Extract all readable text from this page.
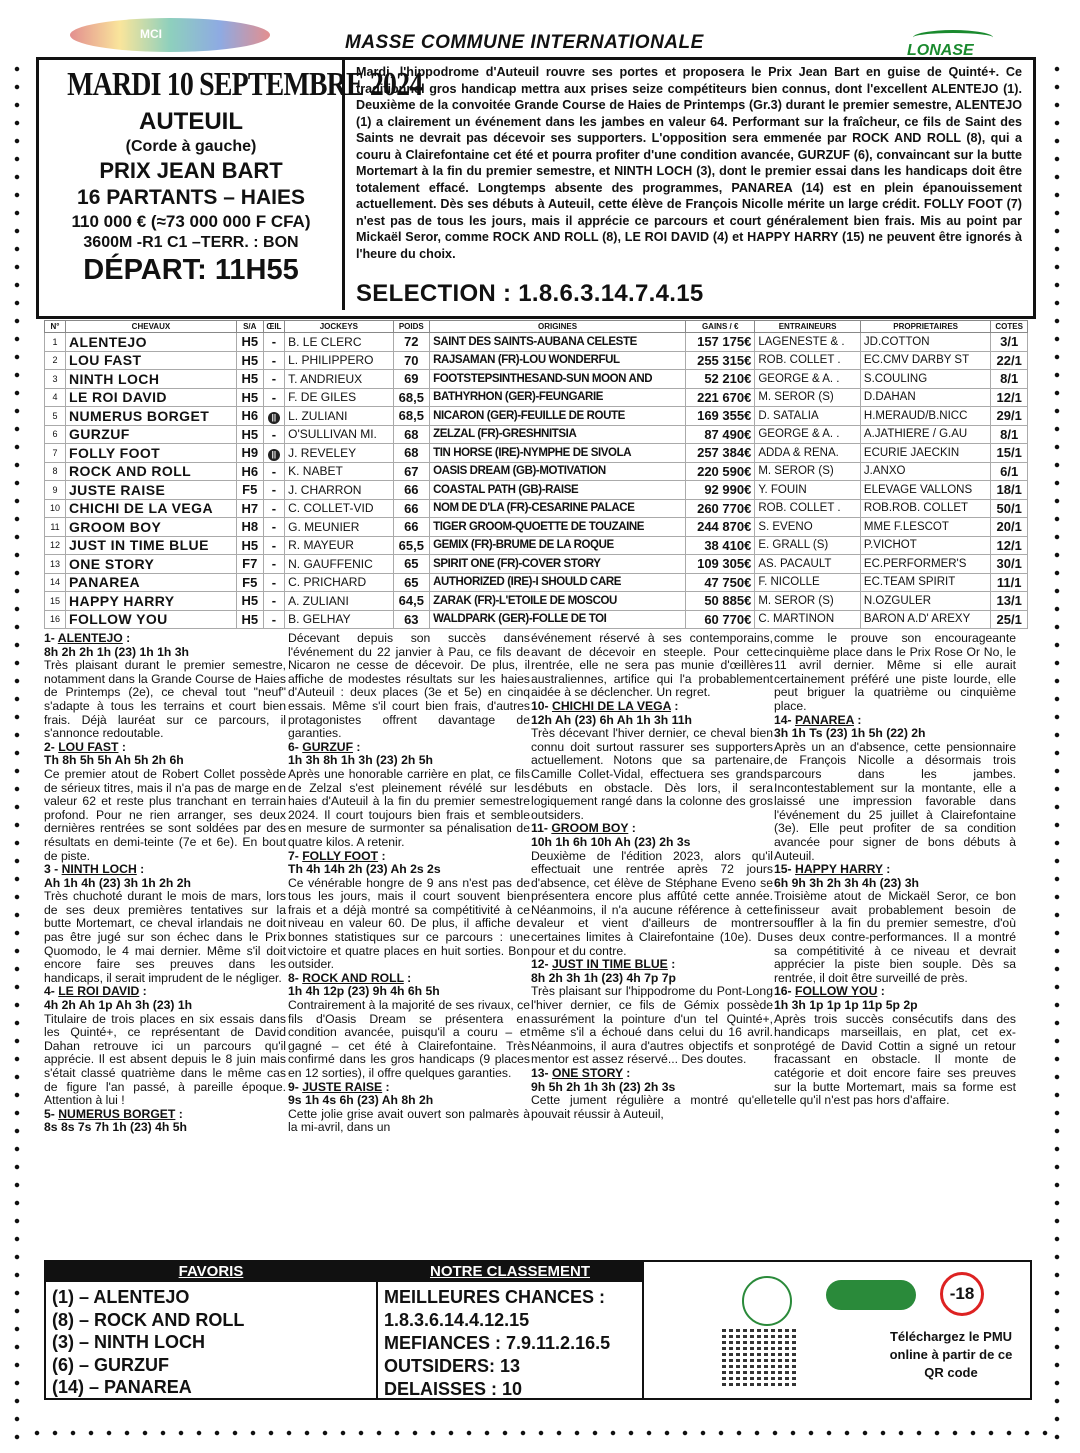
MCI	MASSE COMMUNE INTERNATIONALE	LONASE
MARDI 10 SEPTEMBRE 2024
AUTEUIL
(Corde à gauche)
PRIX JEAN BART
16 PARTANTS – HAIES
110 000 € (≈73 000 000 F CFA)
3600M -R1 C1 –TERR. : BON
DÉPART: 11H55
Mardi, l'hippodrome d'Auteuil rouvre ses portes et proposera le Prix Jean Bart en guise de Quinté+. Ce traditionnel gros handicap mettra aux prises seize compétiteurs bien connus, dont l'excellent ALENTEJO (1). Deuxième de la convoitée Grande Course de Haies de Printemps (Gr.3) durant le premier semestre, ALENTEJO (1) a clairement un événement dans les jambes en valeur 64. Performant sur la fraîcheur, ce fils de Saint des Saints ne devrait pas décevoir ses supporters. L'opposition sera emmenée par ROCK AND ROLL (8), qui a couru à Clairefontaine cet été et pourra profiter d'une condition avancée, GURZUF (6), convaincant sur la butte Mortemart à la fin du premier semestre, et NINTH LOCH (3), dont le premier essai dans les handicaps doit être totalement effacé. Longtemps absente des programmes, PANAREA (14) est en plein épanouissement actuellement. Dès ses débuts à Auteuil, cette élève de François Nicolle mérite un large crédit. FOLLY FOOT (7) n'est pas de tous les jours, mais il apprécie ce parcours et court généralement bien frais. Mis au point par Mickaël Seror, comme ROCK AND ROLL (8), LE ROI DAVID (4) et HAPPY HARRY (15) ne peuvent être ignorés à l'heure du choix.
SELECTION : 1.8.6.3.14.7.4.15
N°	CHEVAUX	S/A	ŒIL	JOCKEYS	POIDS	ORIGINES	GAINS / €	ENTRAINEURS	PROPRIETAIRES	COTES
1	ALENTEJO	H5	-	B. LE CLERC	72	SAINT DES SAINTS-AUBANA CELESTE	157 175€	LAGENESTE & .	JD.COTTON	3/1
2	LOU FAST	H5	-	L. PHILIPPERO	70	RAJSAMAN (FR)-LOU WONDERFUL	255 315€	ROB. COLLET .	EC.CMV DARBY ST	22/1
3	NINTH LOCH	H5	-	T. ANDRIEUX	69	FOOTSTEPSINTHESAND-SUN MOON AND	52 210€	GEORGE & A. .	S.COULING	8/1
4	LE ROI DAVID	H5	-	F. DE GILES	68,5	BATHYRHON (GER)-FEUNGARIE	221 670€	M. SEROR (S)	D.DAHAN	12/1
5	NUMERUS BORGET	H6	||	L. ZULIANI	68,5	NICARON (GER)-FEUILLE DE ROUTE	169 355€	D. SATALIA	H.MERAUD/B.NICC	29/1
6	GURZUF	H5	-	O'SULLIVAN MI.	68	ZELZAL (FR)-GRESHNITSIA	87 490€	GEORGE & A. .	A.JATHIERE / G.AU	8/1
7	FOLLY FOOT	H9	||	J. REVELEY	68	TIN HORSE (IRE)-NYMPHE DE SIVOLA	257 384€	ADDA & RENA.	ECURIE JAECKIN	15/1
8	ROCK AND ROLL	H6	-	K. NABET	67	OASIS DREAM (GB)-MOTIVATION	220 590€	M. SEROR (S)	J.ANXO	6/1
9	JUSTE RAISE	F5	-	J. CHARRON	66	COASTAL PATH (GB)-RAISE	92 990€	Y. FOUIN	ELEVAGE VALLONS	18/1
10	CHICHI DE LA VEGA	H7	-	C. COLLET-VID	66	NOM DE D'LA (FR)-CESARINE PALACE	260 770€	ROB. COLLET .	ROB.ROB. COLLET	50/1
11	GROOM BOY	H8	-	G. MEUNIER	66	TIGER GROOM-QUOETTE DE TOUZAINE	244 870€	S. EVENO	MME F.LESCOT	20/1
12	JUST IN TIME BLUE	H5	-	R. MAYEUR	65,5	GEMIX (FR)-BRUME DE LA ROQUE	38 410€	E. GRALL (S)	P.VICHOT	12/1
13	ONE STORY	F7	-	N. GAUFFENIC	65	SPIRIT ONE (FR)-COVER STORY	109 305€	AS. PACAULT	EC.PERFORMER'S	30/1
14	PANAREA	F5	-	C. PRICHARD	65	AUTHORIZED (IRE)-I SHOULD CARE	47 750€	F. NICOLLE	EC.TEAM SPIRIT	11/1
15	HAPPY HARRY	H5	-	A. ZULIANI	64,5	ZARAK (FR)-L'ETOILE DE MOSCOU	50 885€	M. SEROR (S)	N.OZGULER	13/1
16	FOLLOW YOU	H5	-	B. GELHAY	63	WALDPARK (GER)-FOLLE DE TOI	60 770€	C. MARTINON	BARON A.D' AREXY	25/1
1- ALENTEJO :
8h 2h 2h 1h (23) 1h 1h 3h

Très plaisant durant le premier semestre, notamment dans la Grande Course de Haies de Printemps (2e), ce cheval tout "neuf" s'adapte à tous les terrains et court bien frais. Déjà lauréat sur ce parcours, il s'annonce redoutable.

2- LOU FAST :
Th 8h 5h 5h Ah 5h 2h 6h

Ce premier atout de Robert Collet possède de sérieux titres, mais il n'a pas de marge en valeur 62 et reste plus tranchant en terrain profond. Pour ne rien arranger, ses deux dernières rentrées se sont soldées par des résultats en demi-teinte (7e et 6e). En bout de piste.

3 - NINTH LOCH :
Ah 1h 4h (23) 3h 1h 2h 2h

Très chuchoté durant le mois de mars, lors de ses deux premières tentatives sur la butte Mortemart, ce cheval irlandais ne doit pas être jugé sur son échec dans le Prix Quomodo, le 4 mai dernier. Même s'il doit encore faire ses preuves dans les handicaps, il serait imprudent de le négliger.

4- LE ROI DAVID :
4h 2h Ah 1p Ah 3h (23) 1h

Titulaire de trois places en six essais dans les Quinté+, ce représentant de David Dahan retrouve ici un parcours qu'il apprécie. Il est absent depuis le 8 juin mais s'était classé quatrième dans le même cas de figure l'an passé, à pareille époque. Attention à lui !

5- NUMERUS BORGET :
8s 8s 7s 7h 1h (23) 4h 5h

Décevant depuis son succès dans l'événement du 22 janvier à Pau, ce fils de Nicaron ne cesse de décevoir. De plus, il affiche de modestes résultats sur les haies d'Auteuil : deux places (3e et 5e) en cinq essais. Même s'il court bien frais, d'autres protagonistes offrent davantage de garanties.

6- GURZUF :
1h 3h 8h 1h 3h (23) 2h 5h

Après une honorable carrière en plat, ce fils de Zelzal s'est pleinement révélé sur les haies d'Auteuil à la fin du premier semestre 2024. Il court toujours bien frais et semble en mesure de surmonter sa pénalisation de quatre kilos. A retenir.

7- FOLLY FOOT :
Th 4h 14h 2h (23) Ah 2s 2s

Ce vénérable hongre de 9 ans n'est pas de tous les jours, mais il court souvent bien frais et a déjà montré sa compétitivité à ce niveau en valeur 60. De plus, il affiche de bonnes statistiques sur ce parcours : une victoire et quatre places en huit sorties. Bon outsider.

8- ROCK AND ROLL :
1h 4h 12p (23) 9h 4h 6h 5h

Contrairement à la majorité de ses rivaux, ce fils d'Oasis Dream se présentera en condition avancée, puisqu'il a couru – et gagné – cet été à Clairefontaine. Très confirmé dans les gros handicaps (9 places en 12 sorties), il offre quelques garanties.

9- JUSTE RAISE :
9s 1h 4s 6h (23) Ah 8h 2h

Cette jolie grise avait ouvert son palmarès à la mi-avril, dans un

événement réservé à ses contemporains, avant de décevoir en steeple. Pour cette rentrée, elle ne sera pas munie d'œillères australiennes, artifice qui l'a probablement aidée à se déclencher. Un regret.

10- CHICHI DE LA VEGA :
12h Ah (23) 6h Ah 1h 3h 11h

Très décevant l'hiver dernier, ce cheval bien connu doit surtout rassurer ses supporters actuellement. Notons que sa partenaire, Camille Collet-Vidal, effectuera ses grands débuts en obstacle. Dès lors, il sera logiquement rangé dans la colonne des gros outsiders.

11- GROOM BOY :
10h 1h 6h 10h Ah (23) 2h 3s

Deuxième de l'édition 2023, alors qu'il effectuait une rentrée après 72 jours d'absence, cet élève de Stéphane Eveno se présentera encore plus affûté cette année. Néanmoins, il n'a aucune référence à cette valeur et vient d'ailleurs de montrer certaines limites à Clairefontaine (10e). Du pour et du contre.

12- JUST IN TIME BLUE :
8h 2h 3h 1h (23) 4h 7p 7p

Très plaisant sur l'hippodrome du Pont-Long l'hiver dernier, ce fils de Gémix possède assurément la pointure d'un tel Quinté+, même s'il a échoué dans celui du 16 avril. Néanmoins, il aura d'autres objectifs et son mentor est assez réservé... Des doutes.

13- ONE STORY :
9h 5h 2h 1h 3h (23) 2h 3s

Cette jument régulière a montré qu'elle pouvait réussir à Auteuil,

comme le prouve son encourageante cinquième place dans le Prix Rose Or No, le 11 avril dernier. Même si elle aurait certainement préféré une piste lourde, elle peut briguer la quatrième ou cinquième place.

14- PANAREA :
3h 1h Ts (23) 1h 5h (22) 2h

Après un an d'absence, cette pensionnaire de François Nicolle a désormais trois parcours dans les jambes. Incontestablement sur la montante, elle a laissé une impression favorable dans l'événement du 25 juillet à Clairefontaine (3e). Elle peut profiter de sa condition avancée pour signer de bons débuts à Auteuil.

15- HAPPY HARRY :
6h 9h 3h 2h 3h 4h (23) 3h

Troisième atout de Mickaël Seror, ce bon finisseur avait probablement besoin de souffler à la fin du premier semestre, d'où ses deux contre-performances. Il a montré sa compétitivité à ce niveau et devrait apprécier la piste bien souple. Dès sa rentrée, il doit être surveillé de près.

16- FOLLOW YOU :
1h 3h 1p 1p 1p 11p 5p 2p

Après trois succès consécutifs dans des handicaps marseillais, en plat, cet ex-protégé de David Cottin a signé un retour fracassant en obstacle. Il monte de catégorie et doit encore faire ses preuves sur la butte Mortemart, mais sa forme est telle qu'il n'est pas hors d'affaire.

FAVORIS	NOTRE CLASSEMENT
(1) – ALENTEJO
(8) – ROCK AND ROLL
(3) – NINTH LOCH
(6) – GURZUF
(14) – PANAREA
MEILLEURES CHANCES :
1.8.3.6.14.4.12.15
MEFIANCES : 7.9.11.2.16.5
OUTSIDERS: 13
DELAISSES : 10
-18
Téléchargez le PMU online à partir de ce QR code
